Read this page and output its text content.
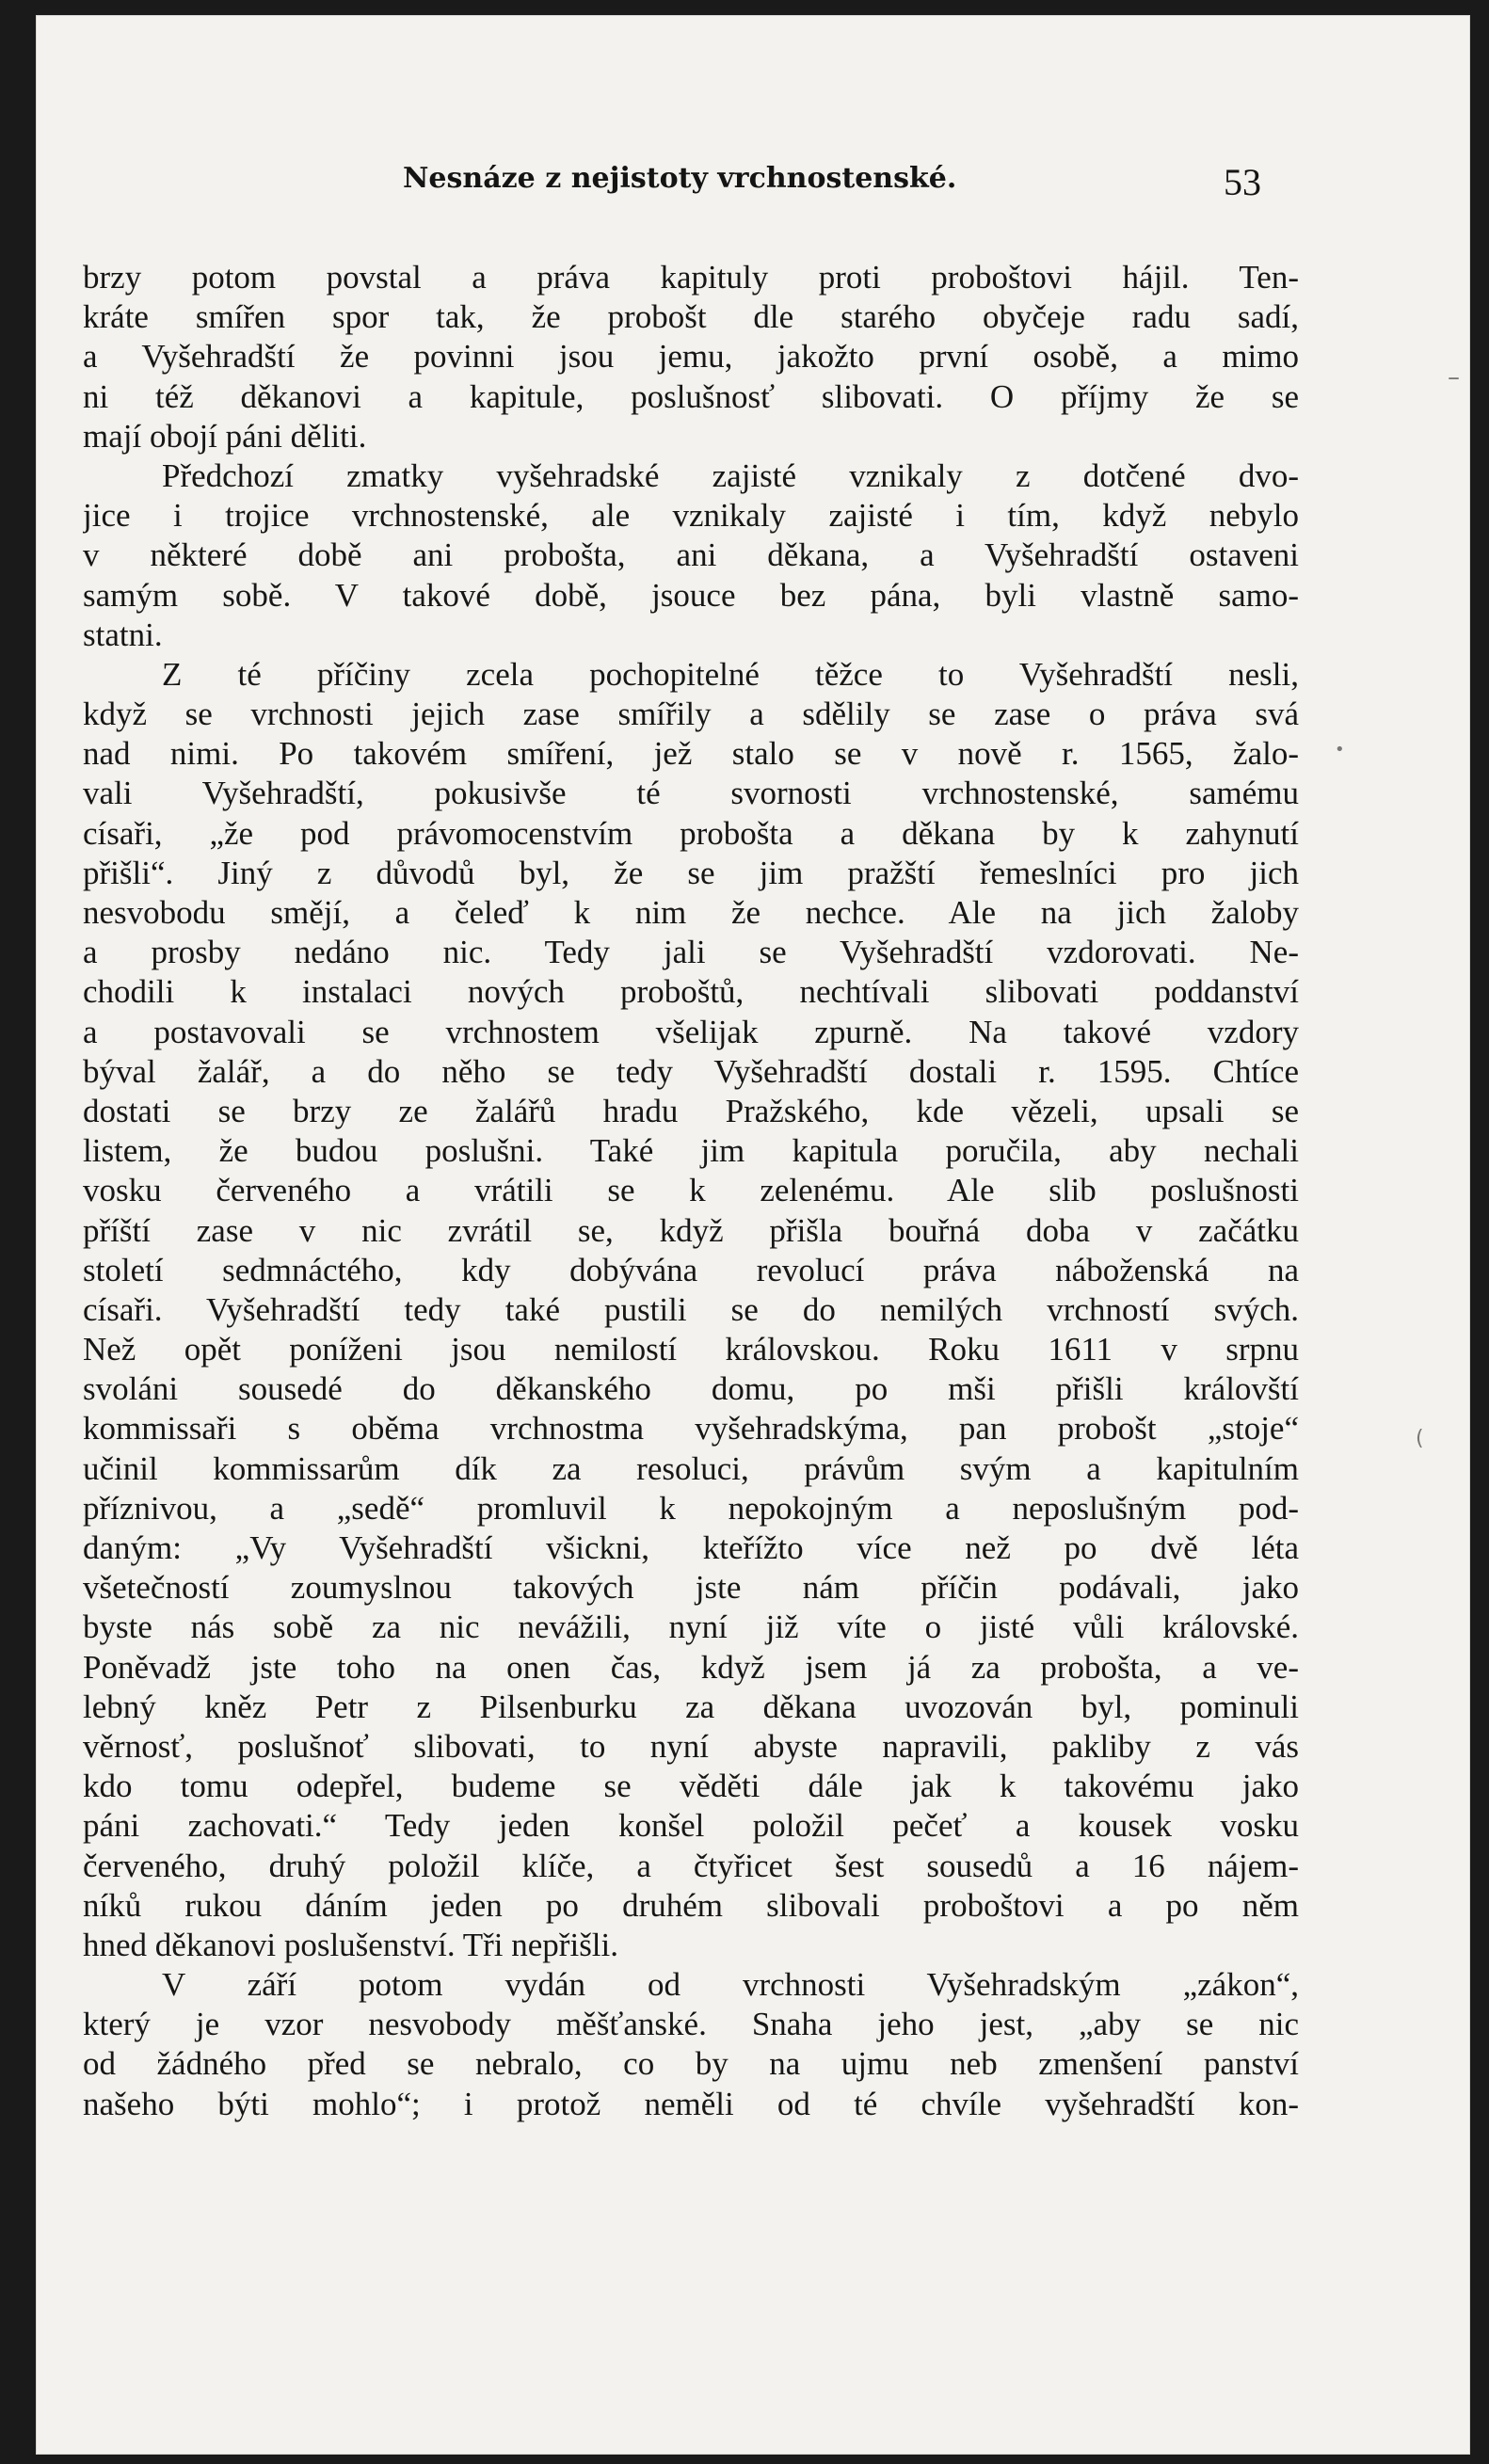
Nesnáze z nejistoty vrchnostenské.	53
brzy potom povstal a práva kapituly proti proboštovi hájil. Ten-
kráte smířen spor tak, že probošt dle starého obyčeje radu sadí,
a Vyšehradští že povinni jsou jemu, jakožto první osobě, a mimo
ni též děkanovi a kapitule, poslušnosť slibovati. O příjmy že se
mají obojí páni děliti.
Předchozí zmatky vyšehradské zajisté vznikaly z dotčené dvo-
jice i trojice vrchnostenské, ale vznikaly zajisté i tím, když nebylo
v některé době ani probošta, ani děkana, a Vyšehradští ostaveni
samým sobě. V takové době, jsouce bez pána, byli vlastně samo-
statni.
Z té příčiny zcela pochopitelné těžce to Vyšehradští nesli,
když se vrchnosti jejich zase smířily a sdělily se zase o práva svá
nad nimi. Po takovém smíření, jež stalo se v nově r. 1565, žalo-
vali Vyšehradští, pokusivše té svornosti vrchnostenské, samému
císaři, „že pod právomocenstvím probošta a děkana by k zahynutí
přišli“. Jiný z důvodů byl, že se jim pražští řemeslníci pro jich
nesvobodu smějí, a čeleď k nim že nechce. Ale na jich žaloby
a prosby nedáno nic. Tedy jali se Vyšehradští vzdorovati. Ne-
chodili k instalaci nových proboštů, nechtívali slibovati poddanství
a postavovali se vrchnostem všelijak zpurně. Na takové vzdory
býval žalář, a do něho se tedy Vyšehradští dostali r. 1595. Chtíce
dostati se brzy ze žalářů hradu Pražského, kde vězeli, upsali se
listem, že budou poslušni. Také jim kapitula poručila, aby nechali
vosku červeného a vrátili se k zelenému. Ale slib poslušnosti
příští zase v nic zvrátil se, když přišla bouřná doba v začátku
století sedmnáctého, kdy dobývána revolucí práva náboženská na
císaři. Vyšehradští tedy také pustili se do nemilých vrchností svých.
Než opět poníženi jsou nemilostí královskou. Roku 1611 v srpnu
svoláni sousedé do děkanského domu, po mši přišli královští
kommissaři s oběma vrchnostma vyšehradskýma, pan probošt „stoje“
učinil kommissarům dík za resoluci, právům svým a kapitulním
příznivou, a „sedě“ promluvil k nepokojným a neposlušným pod-
daným: „Vy Vyšehradští všickni, kteřížto více než po dvě léta
všetečností zoumyslnou takových jste nám příčin podávali, jako
byste nás sobě za nic nevážili, nyní již víte o jisté vůli královské.
Poněvadž jste toho na onen čas, když jsem já za probošta, a ve-
lebný kněz Petr z Pilsenburku za děkana uvozován byl, pominuli
věrnosť, poslušnoť slibovati, to nyní abyste napravili, pakliby z vás
kdo tomu odepřel, budeme se věděti dále jak k takovému jako
páni zachovati.“ Tedy jeden konšel položil pečeť a kousek vosku
červeného, druhý položil klíče, a čtyřicet šest sousedů a 16 nájem-
níků rukou dáním jeden po druhém slibovali proboštovi a po něm
hned děkanovi poslušenství. Tři nepřišli.
V září potom vydán od vrchnosti Vyšehradským „zákon“,
který je vzor nesvobody měšťanské. Snaha jeho jest, „aby se nic
od žádného před se nebralo, co by na ujmu neb zmenšení panství
našeho býti mohlo“; i protož neměli od té chvíle vyšehradští kon-
–
•
(
